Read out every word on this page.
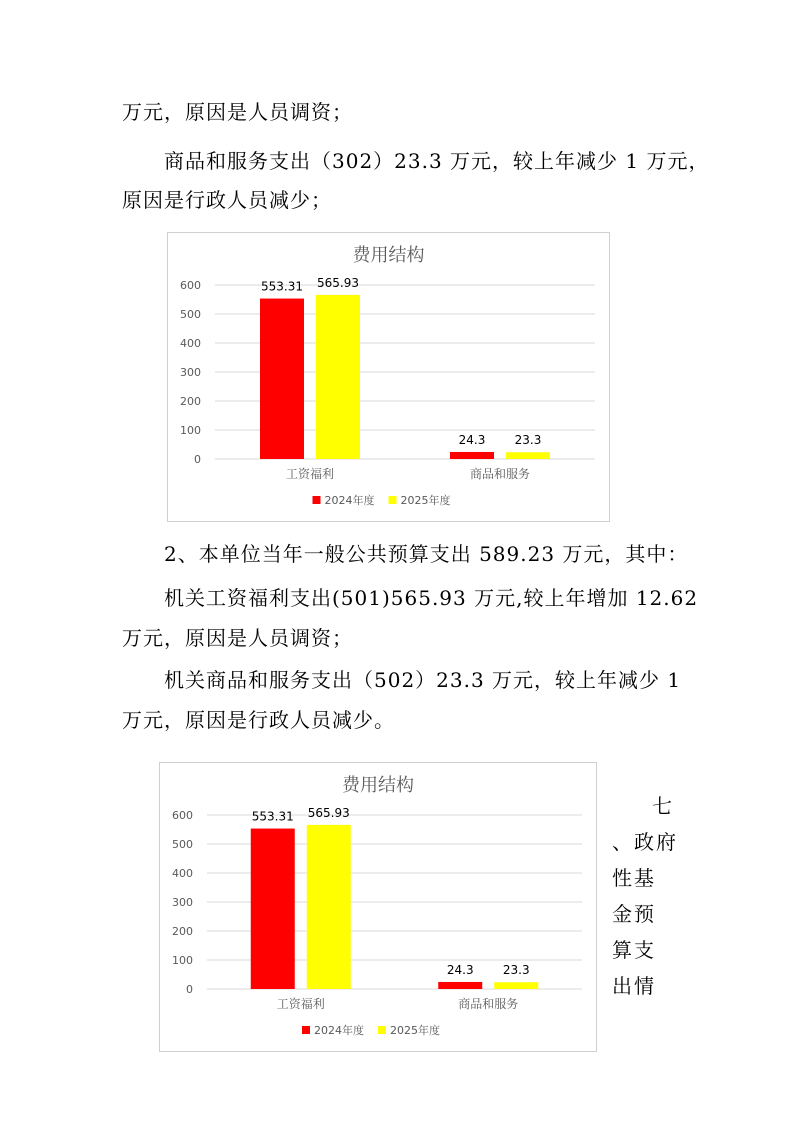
万元，原因是人员调资；
商品和服务支出（302）23.3 万元，较上年减少 1 万元，
原因是行政人员减少；
费用结构
0
100
200
300
400
500
600
工资福利
553.31 565.93
商品和服务
24.3 23.3
2024年度 2025年度
2、本单位当年一般公共预算支出 589.23 万元，其中：
机关工资福利支出(501)565.93 万元,较上年增加 12.62
万元，原因是人员调资；
机关商品和服务支出（502）23.3 万元，较上年减少 1
万元，原因是行政人员减少。
费用结构
0
100
200
300
400
500
600
工资福利
553.31 565.93
商品和服务
24.3 23.3
2024年度 2025年度
七
、政府
性基
金预
算支
出情
